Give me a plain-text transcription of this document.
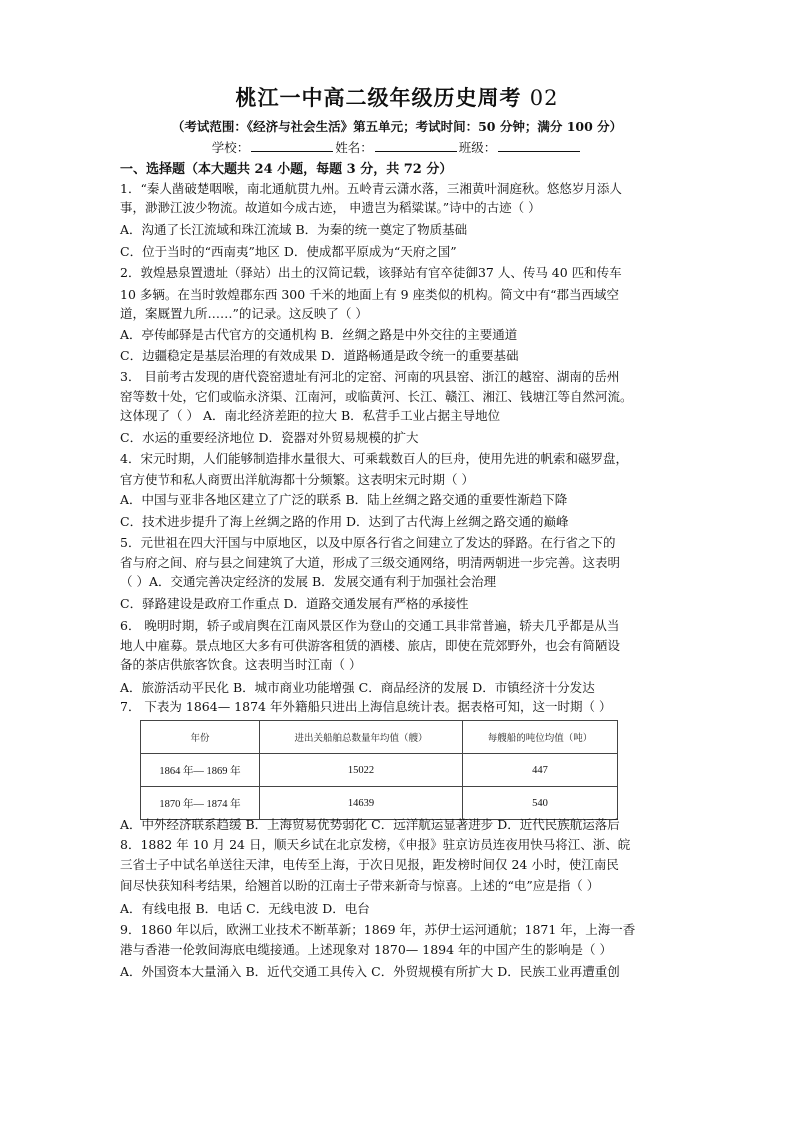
桃江一中高二级年级历史周考 02
（考试范围：《经济与社会生活》第五单元；考试时间：50 分钟；满分 100 分）
学校：	姓名：	班级：
一、选择题（本大题共 24 小题，每题 3 分，共 72 分）
1．“秦人凿破楚咽喉，南北通航贯九州。五岭青云潇水落，三湘黄叶洞庭秋。悠悠岁月添人
事，渺渺江波少物流。故道如今成古迹， 申遗岂为稻粱谋。”诗中的古迹（ ）
A．沟通了长江流域和珠江流域 B．为秦的统一奠定了物质基础
C．位于当时的“西南夷”地区 D．使成都平原成为“天府之国”
2．敦煌悬泉置遗址（驿站）出土的汉简记载，该驿站有官卒徒御37 人、传马 40 匹和传车
10 多辆。在当时敦煌郡东西 300 千米的地面上有 9 座类似的机构。简文中有“郡当西域空
道，案厩置九所……”的记录。这反映了（ ）
A．亭传邮驿是古代官方的交通机构 B．丝绸之路是中外交往的主要通道
C．边疆稳定是基层治理的有效成果 D．道路畅通是政令统一的重要基础
3． 目前考古发现的唐代瓷窑遗址有河北的定窑、河南的巩县窑、浙江的越窑、湖南的岳州
窑等数十处，它们或临永济渠、江南河，或临黄河、长江、赣江、湘江、钱塘江等自然河流。
这体现了（ ） A．南北经济差距的拉大 B．私营手工业占据主导地位
C．水运的重要经济地位 D．瓷器对外贸易规模的扩大
4．宋元时期，人们能够制造排水量很大、可乘载数百人的巨舟，使用先进的帆索和磁罗盘，
官方使节和私人商贾出洋航海都十分频繁。这表明宋元时期（ ）
A．中国与亚非各地区建立了广泛的联系 B．陆上丝绸之路交通的重要性渐趋下降
C．技术进步提升了海上丝绸之路的作用 D．达到了古代海上丝绸之路交通的巅峰
5．元世祖在四大汗国与中原地区，以及中原各行省之间建立了发达的驿路。在行省之下的
省与府之间、府与县之间建筑了大道，形成了三级交通网络，明清两朝进一步完善。这表明
（ ）A．交通完善决定经济的发展 B．发展交通有利于加强社会治理
C．驿路建设是政府工作重点 D．道路交通发展有严格的承接性
6． 晚明时期，轿子或肩舆在江南风景区作为登山的交通工具非常普遍，轿夫几乎都是从当
地人中雇募。景点地区大多有可供游客租赁的酒楼、旅店，即使在荒郊野外，也会有简陋设
备的茶店供旅客饮食。这表明当时江南（ ）
A．旅游活动平民化 B．城市商业功能增强 C．商品经济的发展 D．市镇经济十分发达
7． 下表为 1864— 1874 年外籍船只进出上海信息统计表。据表格可知，这一时期（ ）
年份	进出关船舶总数量年均值（艘）	每艘船的吨位均值（吨）
1864 年— 1869 年	15022	447
1870 年— 1874 年	14639	540
A．中外经济联系趋缓 B．上海贸易优势弱化 C．远洋航运显著进步 D．近代民族航运落后
8．1882 年 10 月 24 日，顺天乡试在北京发榜，《申报》驻京访员连夜用快马将江、浙、皖
三省士子中试名单送往天津，电传至上海，于次日见报，距发榜时间仅 24 小时，使江南民
间尽快获知科考结果，给翘首以盼的江南士子带来新奇与惊喜。上述的“电”应是指（ ）
A．有线电报 B．电话 C．无线电波 D．电台
9．1860 年以后，欧洲工业技术不断革新；1869 年，苏伊士运河通航；1871 年，上海一香
港与香港一伦敦间海底电缆接通。上述现象对 1870— 1894 年的中国产生的影响是（ ）
A．外国资本大量涌入 B．近代交通工具传入 C．外贸规模有所扩大 D．民族工业再遭重创
